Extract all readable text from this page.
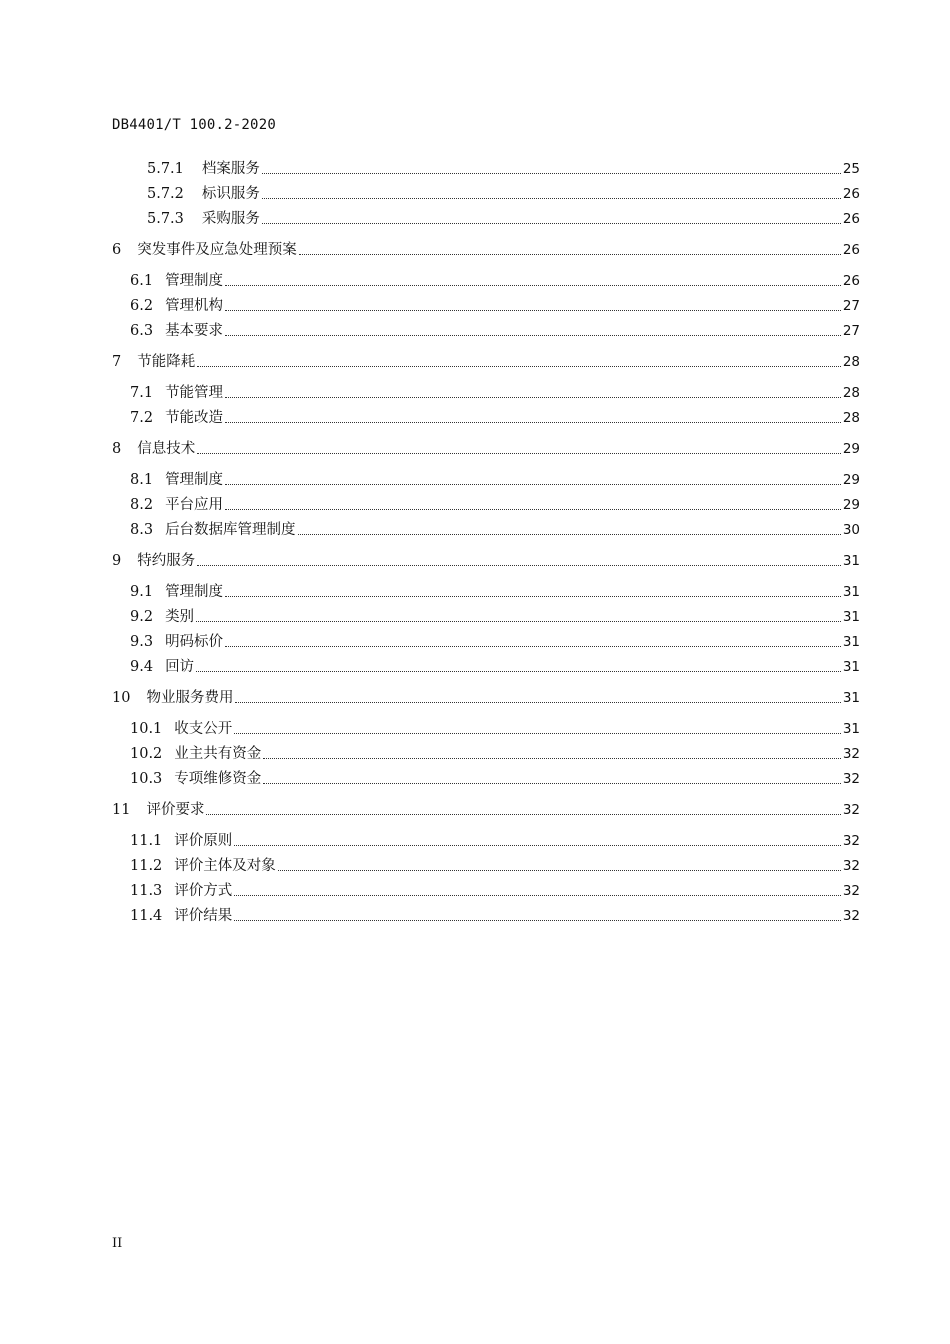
DB4401/T 100.2-2020
5.7.1	档案服务	25
5.7.2	标识服务	26
5.7.3	采购服务	26
6	突发事件及应急处理预案	26
6.1 管理制度	26
6.2 管理机构	27
6.3 基本要求	27
7	节能降耗	28
7.1 节能管理	28
7.2 节能改造	28
8	信息技术	29
8.1 管理制度	29
8.2 平台应用	29
8.3 后台数据库管理制度	30
9	特约服务	31
9.1 管理制度	31
9.2 类别	31
9.3 明码标价	31
9.4 回访	31
10	物业服务费用	31
10.1 收支公开	31
10.2 业主共有资金	32
10.3 专项维修资金	32
11	评价要求	32
11.1 评价原则	32
11.2 评价主体及对象	32
11.3 评价方式	32
11.4 评价结果	32
II
